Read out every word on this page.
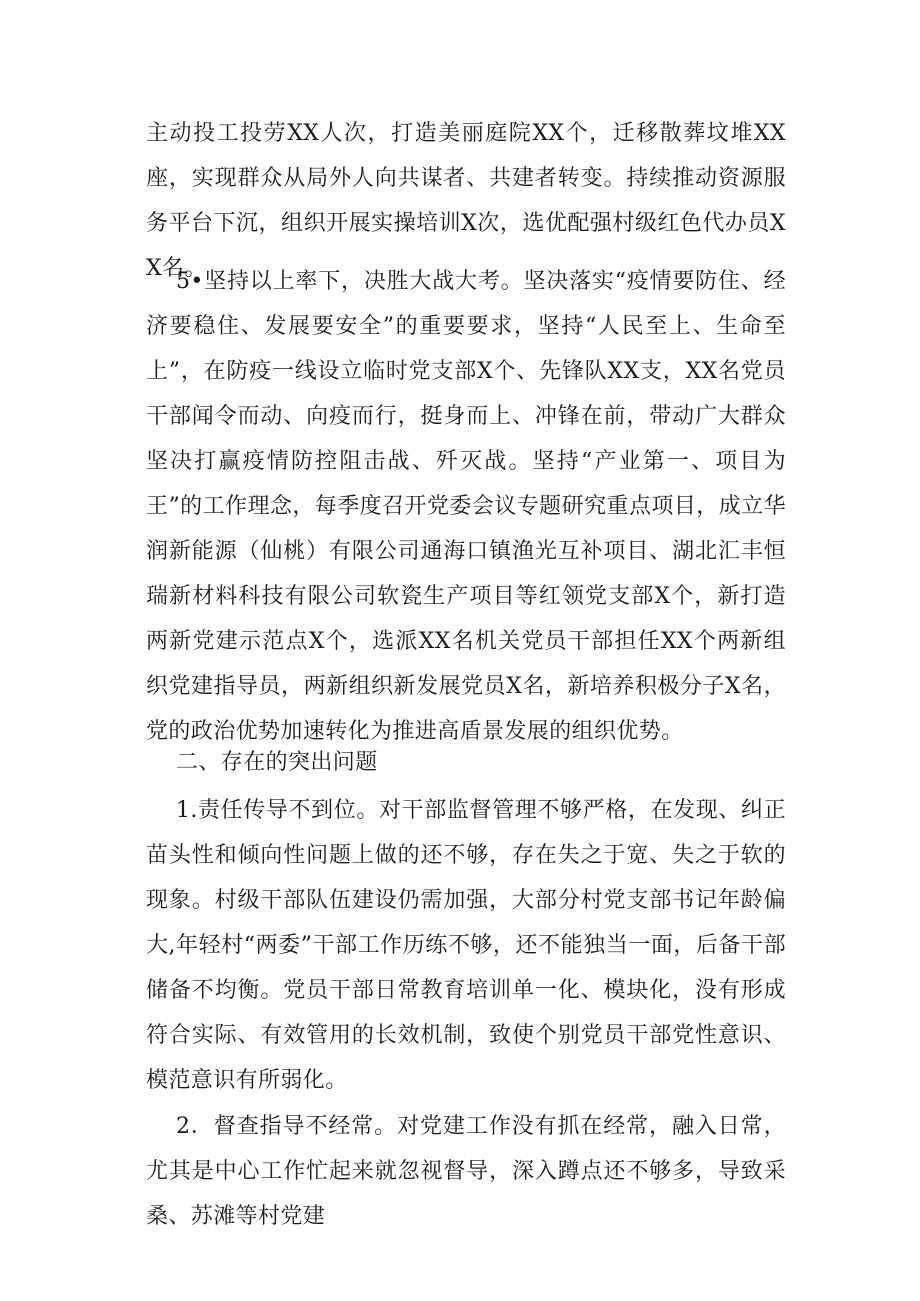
主动投工投劳XX人次，打造美丽庭院XX个，迁移散葬坟堆XX座，实现群众从局外人向共谋者、共建者转变。持续推动资源服务平台下沉，组织开展实操培训X次，选优配强村级红色代办员XX名。

5•坚持以上率下，决胜大战大考。坚决落实“疫情要防住、经济要稳住、发展要安全”的重要要求，坚持“人民至上、生命至上”，在防疫一线设立临时党支部X个、先锋队XX支，XX名党员干部闻令而动、向疫而行，挺身而上、冲锋在前，带动广大群众坚决打赢疫情防控阻击战、歼灭战。坚持“产业第一、项目为王”的工作理念，每季度召开党委会议专题研究重点项目，成立华润新能源（仙桃）有限公司通海口镇渔光互补项目、湖北汇丰恒瑞新材料科技有限公司软瓷生产项目等红领党支部X个，新打造两新党建示范点X个，选派XX名机关党员干部担任XX个两新组织党建指导员，两新组织新发展党员X名，新培养积极分子X名，党的政治优势加速转化为推进高盾景发展的组织优势。

二、存在的突出问题

1.责任传导不到位。对干部监督管理不够严格，在发现、纠正苗头性和倾向性问题上做的还不够，存在失之于宽、失之于软的现象。村级干部队伍建设仍需加强，大部分村党支部书记年龄偏大,年轻村“两委”干部工作历练不够，还不能独当一面，后备干部储备不均衡。党员干部日常教育培训单一化、模块化，没有形成符合实际、有效管用的长效机制，致使个别党员干部党性意识、模范意识有所弱化。

2．督查指导不经常。对党建工作没有抓在经常，融入日常，尤其是中心工作忙起来就忽视督导，深入蹲点还不够多，导致采桑、苏滩等村党建
